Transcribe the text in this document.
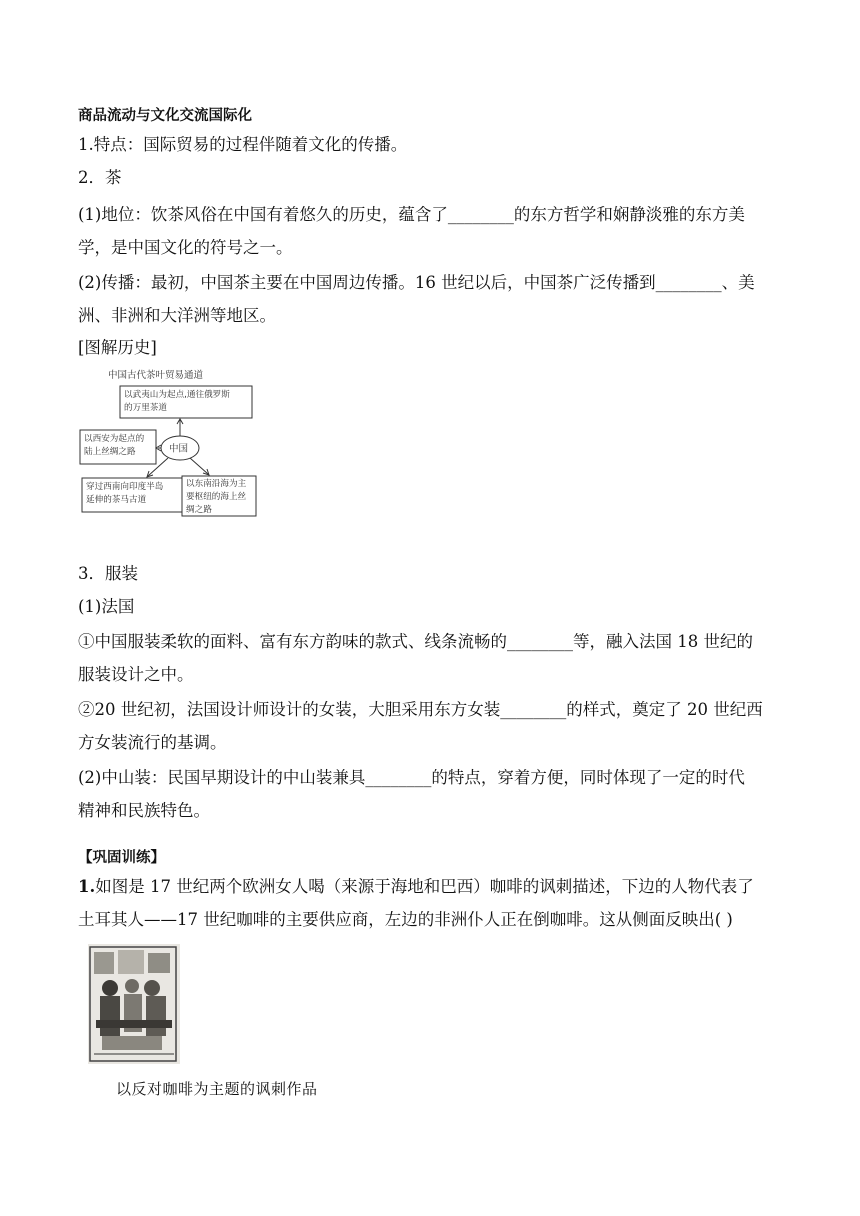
商品流动与文化交流国际化
1.特点：国际贸易的过程伴随着文化的传播。
2．茶
(1)地位：饮茶风俗在中国有着悠久的历史，蕴含了________的东方哲学和娴静淡雅的东方美
学，是中国文化的符号之一。
(2)传播：最初，中国茶主要在中国周边传播。16 世纪以后，中国茶广泛传播到________、美
洲、非洲和大洋洲等地区。
[图解历史]
中国古代茶叶贸易通道
中国
以武夷山为起点,通往俄罗斯
的万里茶道
以西安为起点的
陆上丝绸之路
穿过西南向印度半岛
延伸的茶马古道
以东南沿海为主
要枢纽的海上丝
绸之路
3．服装
(1)法国
①中国服装柔软的面料、富有东方韵味的款式、线条流畅的________等，融入法国 18 世纪的
服装设计之中。
②20 世纪初，法国设计师设计的女装，大胆采用东方女装________的样式，奠定了 20 世纪西
方女装流行的基调。
(2)中山装：民国早期设计的中山装兼具________的特点，穿着方便，同时体现了一定的时代
精神和民族特色。
【巩固训练】
1.如图是 17 世纪两个欧洲女人喝（来源于海地和巴西）咖啡的讽刺描述，下边的人物代表了
土耳其人——17 世纪咖啡的主要供应商，左边的非洲仆人正在倒咖啡。这从侧面反映出( )
以反对咖啡为主题的讽刺作品
